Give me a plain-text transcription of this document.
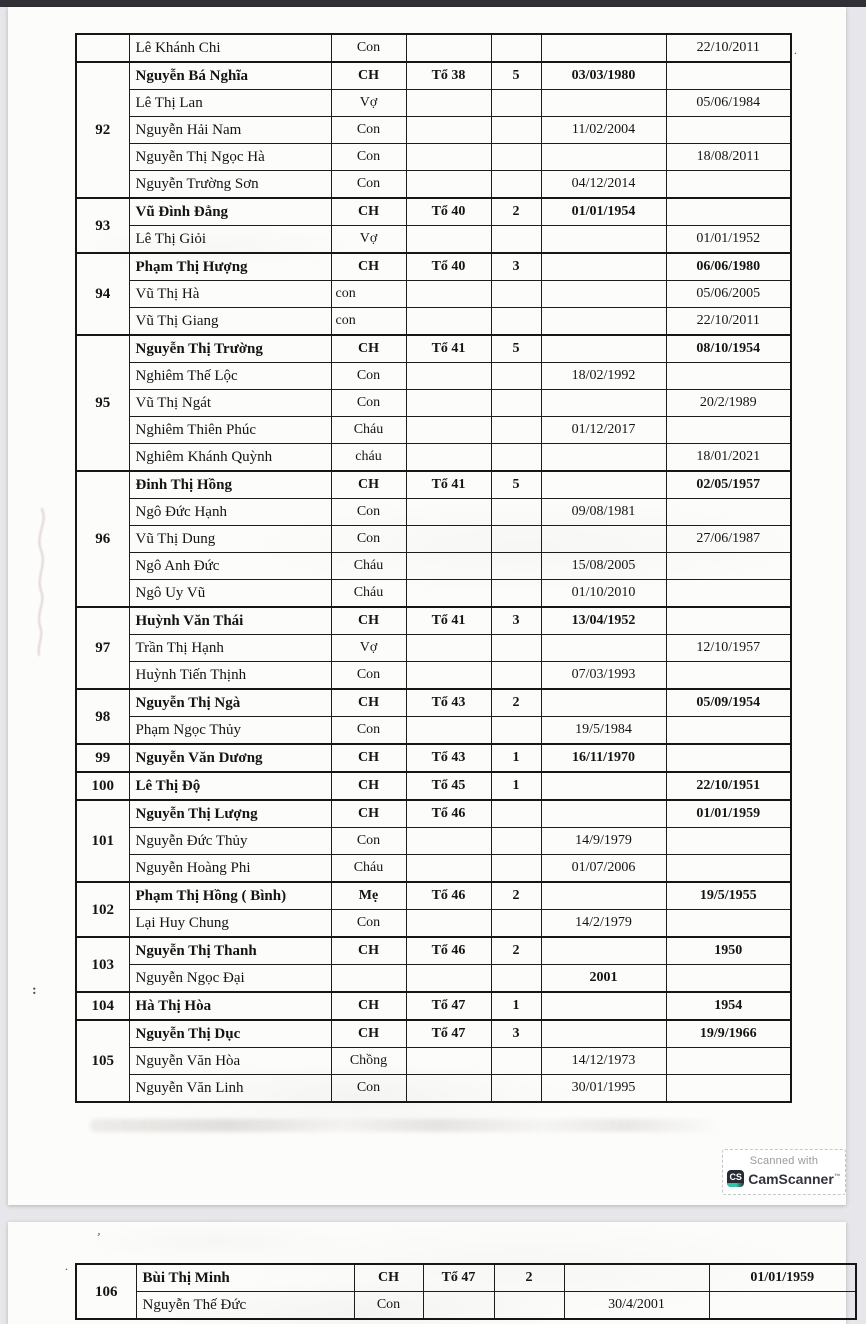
	Lê Khánh Chi	Con				22/10/2011
92	Nguyễn Bá Nghĩa	CH	Tổ 38	5	03/03/1980	
	Lê Thị Lan	Vợ				05/06/1984
	Nguyễn Hải Nam	Con			11/02/2004	
	Nguyễn Thị Ngọc Hà	Con				18/08/2011
	Nguyễn Trường Sơn	Con			04/12/2014	
93	Vũ Đình Đẳng	CH	Tổ 40	2	01/01/1954	
	Lê Thị Giỏi	Vợ				01/01/1952
94	Phạm Thị Hượng	CH	Tổ 40	3		06/06/1980
	Vũ Thị Hà	con				05/06/2005
	Vũ Thị Giang	con				22/10/2011
95	Nguyễn Thị Trường	CH	Tổ 41	5		08/10/1954
	Nghiêm Thế Lộc	Con			18/02/1992	
	Vũ Thị Ngát	Con				20/2/1989
	Nghiêm Thiên Phúc	Cháu			01/12/2017	
	Nghiêm Khánh Quỳnh	cháu				18/01/2021
96	Đinh Thị Hồng	CH	Tổ 41	5		02/05/1957
	Ngô Đức Hạnh	Con			09/08/1981	
	Vũ Thị Dung	Con				27/06/1987
	Ngô Anh Đức	Cháu			15/08/2005	
	Ngô Uy Vũ	Cháu			01/10/2010	
97	Huỳnh Văn Thái	CH	Tổ 41	3	13/04/1952	
	Trần Thị Hạnh	Vợ				12/10/1957
	Huỳnh Tiến Thịnh	Con			07/03/1993	
98	Nguyễn Thị Ngà	CH	Tổ 43	2		05/09/1954
	Phạm Ngọc Thủy	Con			19/5/1984	
99	Nguyễn Văn Dương	CH	Tổ 43	1	16/11/1970	
100	Lê Thị Độ	CH	Tổ 45	1		22/10/1951
101	Nguyễn Thị Lượng	CH	Tổ 46			01/01/1959
	Nguyễn Đức Thủy	Con			14/9/1979	
	Nguyễn Hoàng Phi	Cháu			01/07/2006	
102	Phạm Thị Hồng ( Bình)	Mẹ	Tổ 46	2		19/5/1955
	Lại Huy Chung	Con			14/2/1979	
103	Nguyễn Thị Thanh	CH	Tổ 46	2		1950
	Nguyễn Ngọc Đại				2001	
104	Hà Thị Hòa	CH	Tổ 47	1		1954
105	Nguyễn Thị Dục	CH	Tổ 47	3		19/9/1966
	Nguyễn Văn Hòa	Chồng			14/12/1973	
	Nguyễn Văn Linh	Con			30/01/1995	
:
.
Scanned with
CS CamScanner™
106	Bùi Thị Minh	CH	Tổ 47	2		01/01/1959
	Nguyễn Thế Đức	Con			30/4/2001	
’
.
